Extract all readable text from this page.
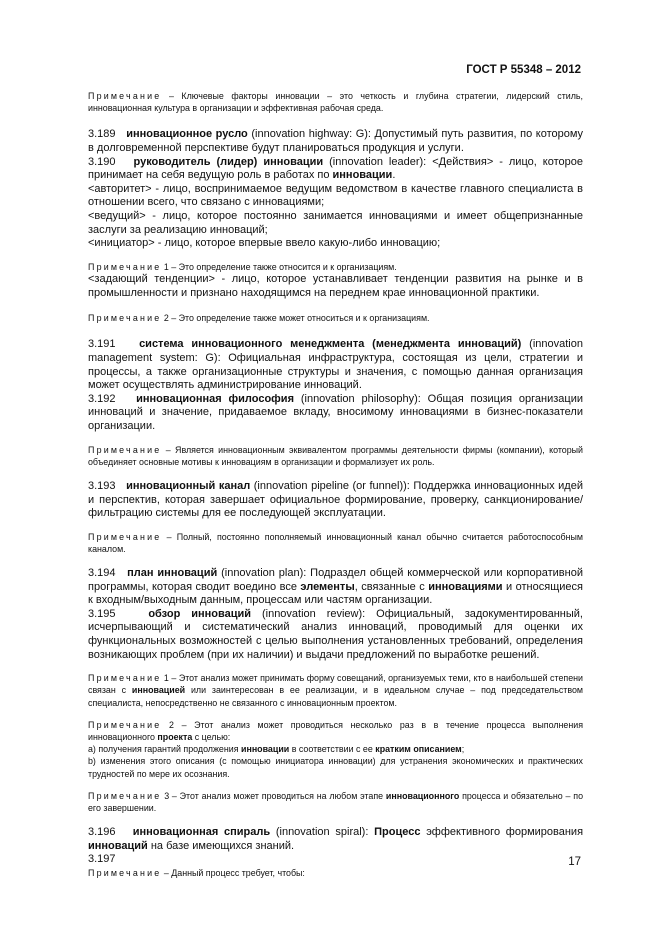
ГОСТ Р 55348 – 2012

Примечание – Ключевые факторы инновации – это четкость и глубина стратегии, лидерский стиль, инновационная культура в организации и эффективная рабочая среда.

3.189 инновационное русло (innovation highway: G): Допустимый путь развития, по которому в долговременной перспективе будут планироваться продукция и услуги.

3.190 руководитель (лидер) инновации (innovation leader): <Действия> - лицо, которое принимает на себя ведущую роль в работах по инновации.

<авторитет> - лицо, воспринимаемое ведущим ведомством в качестве главного специалиста в отношении всего, что связано с инновациями;

<ведущий> - лицо, которое постоянно занимается инновациями и имеет общепризнанные заслуги за реализацию инноваций;

<инициатор> - лицо, которое впервые ввело какую-либо инновацию;

Примечание 1 – Это определение также относится и к организациям.

<задающий тенденции> - лицо, которое устанавливает тенденции развития на рынке и в промышленности и признано находящимся на переднем крае инновационной практики.

Примечание 2 – Это определение также может относиться и к организациям.

3.191 система инновационного менеджмента (менеджмента инноваций) (innovation management system: G): Официальная инфраструктура, состоящая из цели, стратегии и процессы, а также организационные структуры и значения, с помощью данная организация может осуществлять администрирование инноваций.

3.192 инновационная философия (innovation philosophy): Общая позиция организации инноваций и значение, придаваемое вкладу, вносимому инновациями в бизнес-показатели организации.

Примечание – Является инновационным эквивалентом программы деятельности фирмы (компании), который объединяет основные мотивы к инновациям в организации и формализует их роль.

3.193 инновационный канал (innovation pipeline (or funnel)): Поддержка инновационных идей и перспектив, которая завершает официальное формирование, проверку, санкционирование/фильтрацию системы для ее последующей эксплуатации.

Примечание – Полный, постоянно пополняемый инновационный канал обычно считается работоспособным каналом.

3.194 план инноваций (innovation plan): Подраздел общей коммерческой или корпоративной программы, которая сводит воедино все элементы, связанные с инновациями и относящиеся к входным/выходным данным, процессам или частям организации.

3.195	обзор инноваций (innovation review): Официальный, задокументированный, исчерпывающий и систематический анализ инноваций, проводимый для оценки их функциональных возможностей с целью выполнения установленных требований, определения возникающих проблем (при их наличии) и выдачи предложений по выработке решений.

Примечание 1 – Этот анализ может принимать форму совещаний, организуемых теми, кто в наибольшей степени связан с инновацией или заинтересован в ее реализации, и в идеальном случае – под председательством специалиста, непосредственно не связанного с инновационным проектом.

Примечание 2 – Этот анализ может проводиться несколько раз в в течение процесса выполнения инновационного проекта с целью:

a) получения гарантий продолжения инновации в соответствии с ее кратким описанием;

b) изменения этого описания (с помощью инициатора инновации) для устранения экономических и практических трудностей по мере их осознания.

Примечание 3 – Этот анализ может проводиться на любом этапе инновационного процесса и обязательно – по его завершении.

3.196 инновационная спираль (innovation spiral): Процесс эффективного формирования инноваций на базе имеющихся знаний.

3.197

Примечание – Данный процесс требует, чтобы:

17
